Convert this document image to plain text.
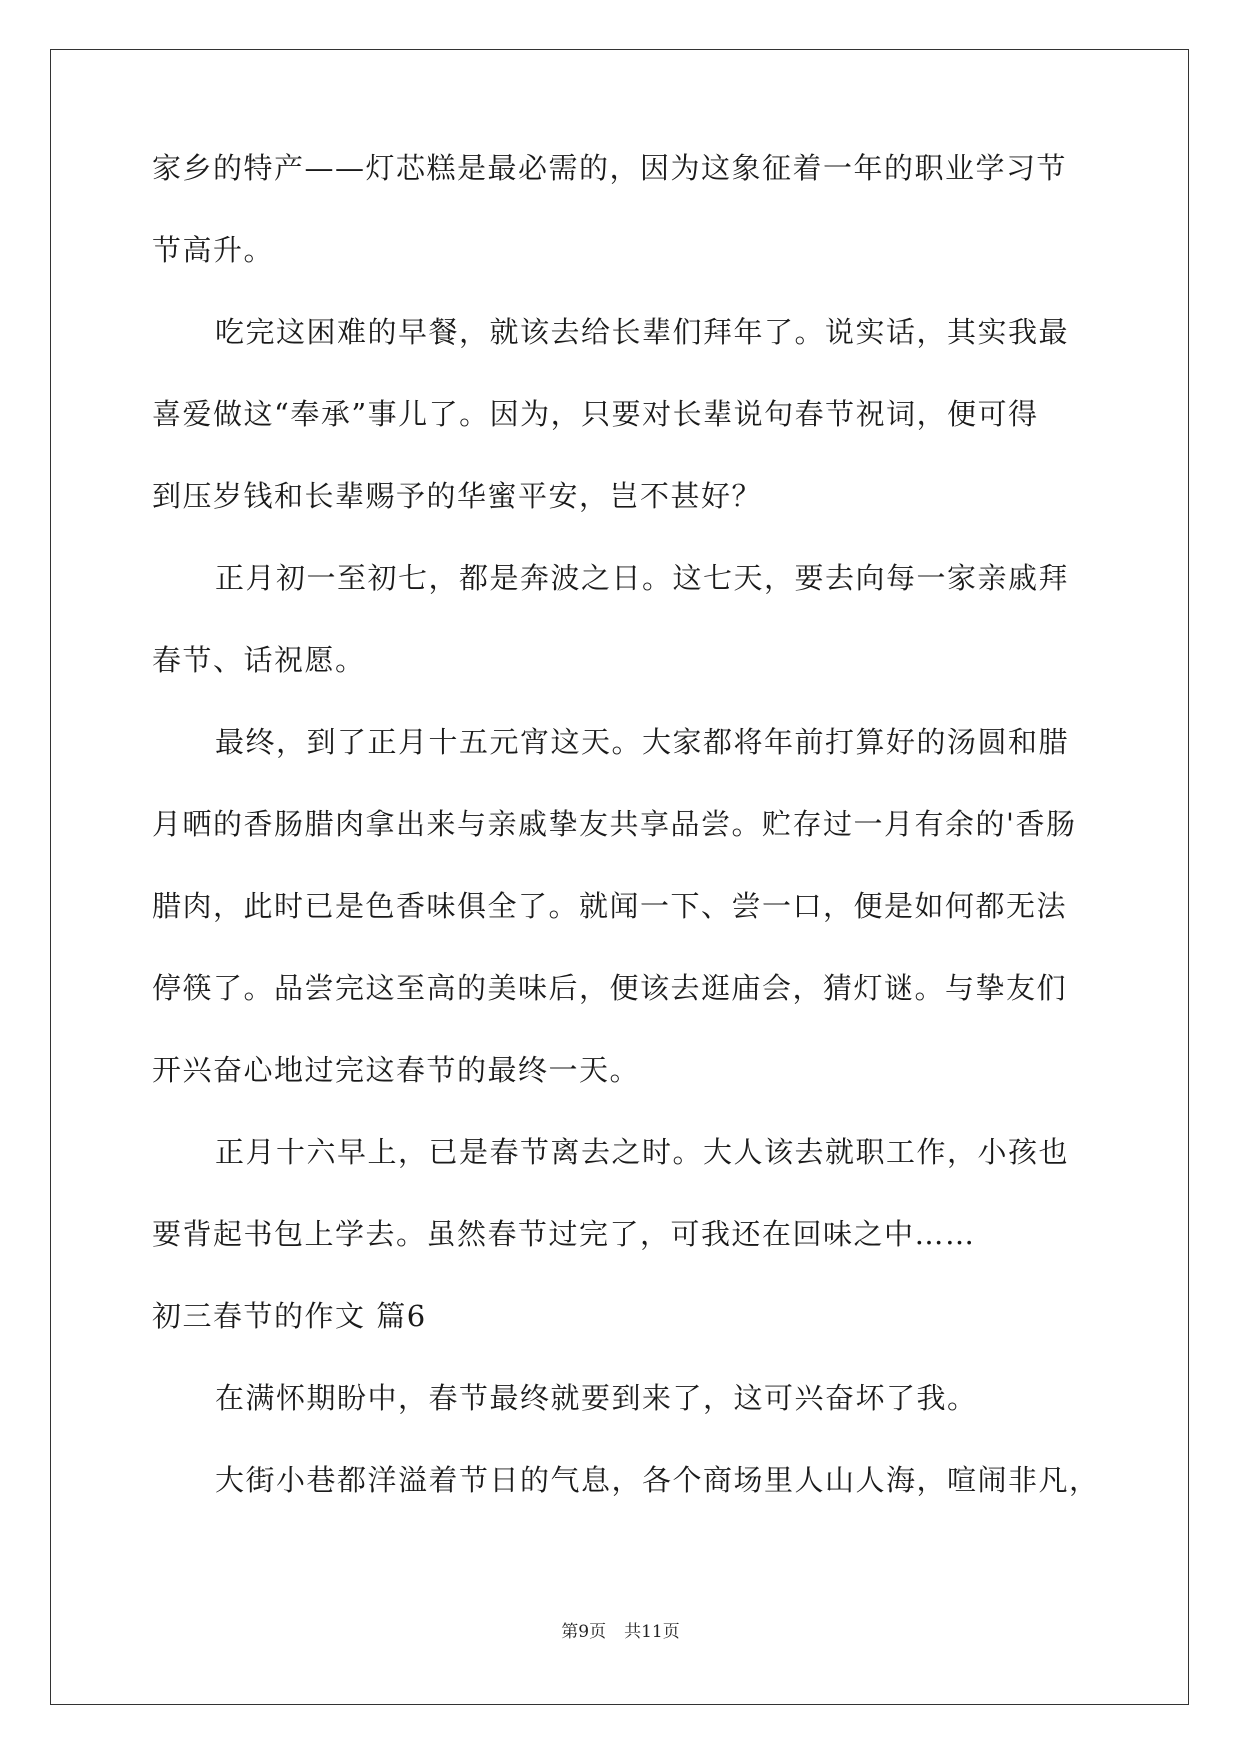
家乡的特产——灯芯糕是最必需的，因为这象征着一年的职业学习节
节高升。
吃完这困难的早餐，就该去给长辈们拜年了。说实话，其实我最
喜爱做这“奉承”事儿了。因为，只要对长辈说句春节祝词，便可得
到压岁钱和长辈赐予的华蜜平安，岂不甚好？
正月初一至初七，都是奔波之日。这七天，要去向每一家亲戚拜
春节、话祝愿。
最终，到了正月十五元宵这天。大家都将年前打算好的汤圆和腊
月晒的香肠腊肉拿出来与亲戚挚友共享品尝。贮存过一月有余的'香肠
腊肉，此时已是色香味俱全了。就闻一下、尝一口，便是如何都无法
停筷了。品尝完这至高的美味后，便该去逛庙会，猜灯谜。与挚友们
开兴奋心地过完这春节的最终一天。
正月十六早上，已是春节离去之时。大人该去就职工作，小孩也
要背起书包上学去。虽然春节过完了，可我还在回味之中……
初三春节的作文 篇6
在满怀期盼中，春节最终就要到来了，这可兴奋坏了我。
大街小巷都洋溢着节日的气息，各个商场里人山人海，喧闹非凡，
第9页 共11页
